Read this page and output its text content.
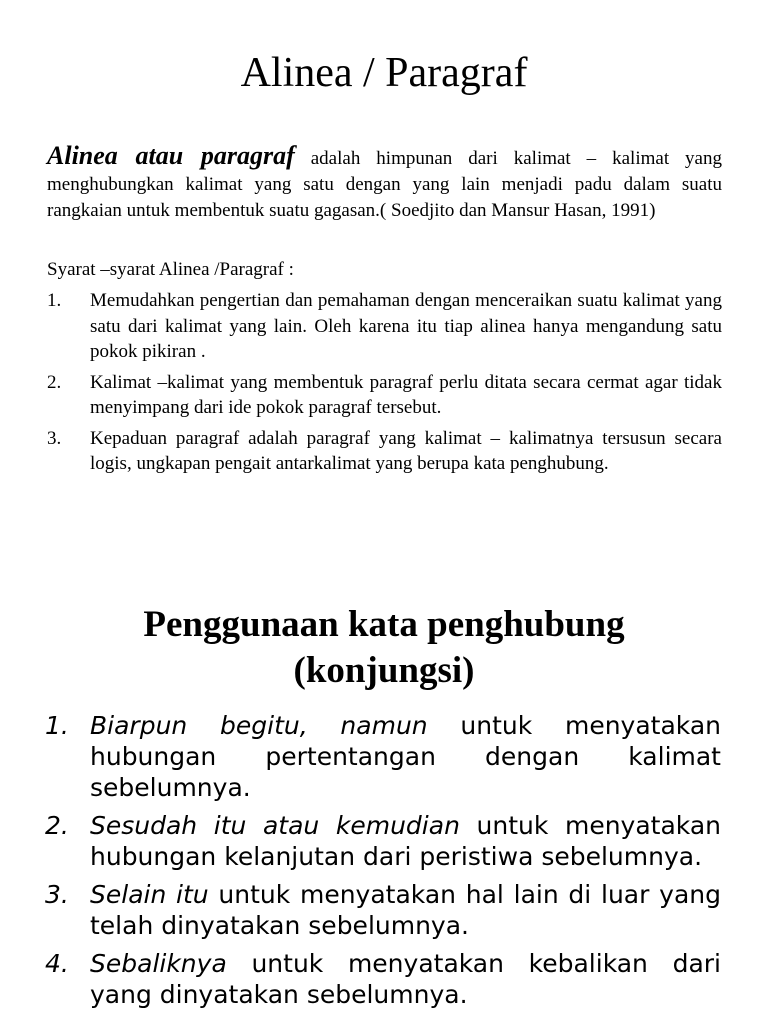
Alinea / Paragraf

Alinea atau paragraf adalah himpunan dari kalimat – kalimat yang menghubungkan kalimat yang satu dengan yang lain menjadi padu dalam suatu rangkaian untuk membentuk suatu gagasan.( Soedjito dan Mansur Hasan, 1991)

Syarat –syarat Alinea /Paragraf :
1. Memudahkan pengertian dan pemahaman dengan menceraikan suatu kalimat yang satu dari kalimat yang lain. Oleh karena itu tiap alinea hanya mengandung satu pokok pikiran .
2. Kalimat –kalimat yang membentuk paragraf perlu ditata secara cermat agar tidak menyimpang dari ide pokok paragraf tersebut.
3. Kepaduan paragraf adalah paragraf yang kalimat – kalimatnya tersusun secara logis, ungkapan pengait antarkalimat yang berupa kata penghubung.
Penggunaan kata penghubung
(konjungsi)
1. Biarpun begitu, namun untuk menyatakan hubungan pertentangan dengan kalimat sebelumnya.
2. Sesudah itu atau kemudian untuk menyatakan hubungan kelanjutan dari peristiwa sebelumnya.
3. Selain itu untuk menyatakan hal lain di luar yang telah dinyatakan sebelumnya.
4. Sebaliknya untuk menyatakan kebalikan dari yang dinyatakan sebelumnya.
